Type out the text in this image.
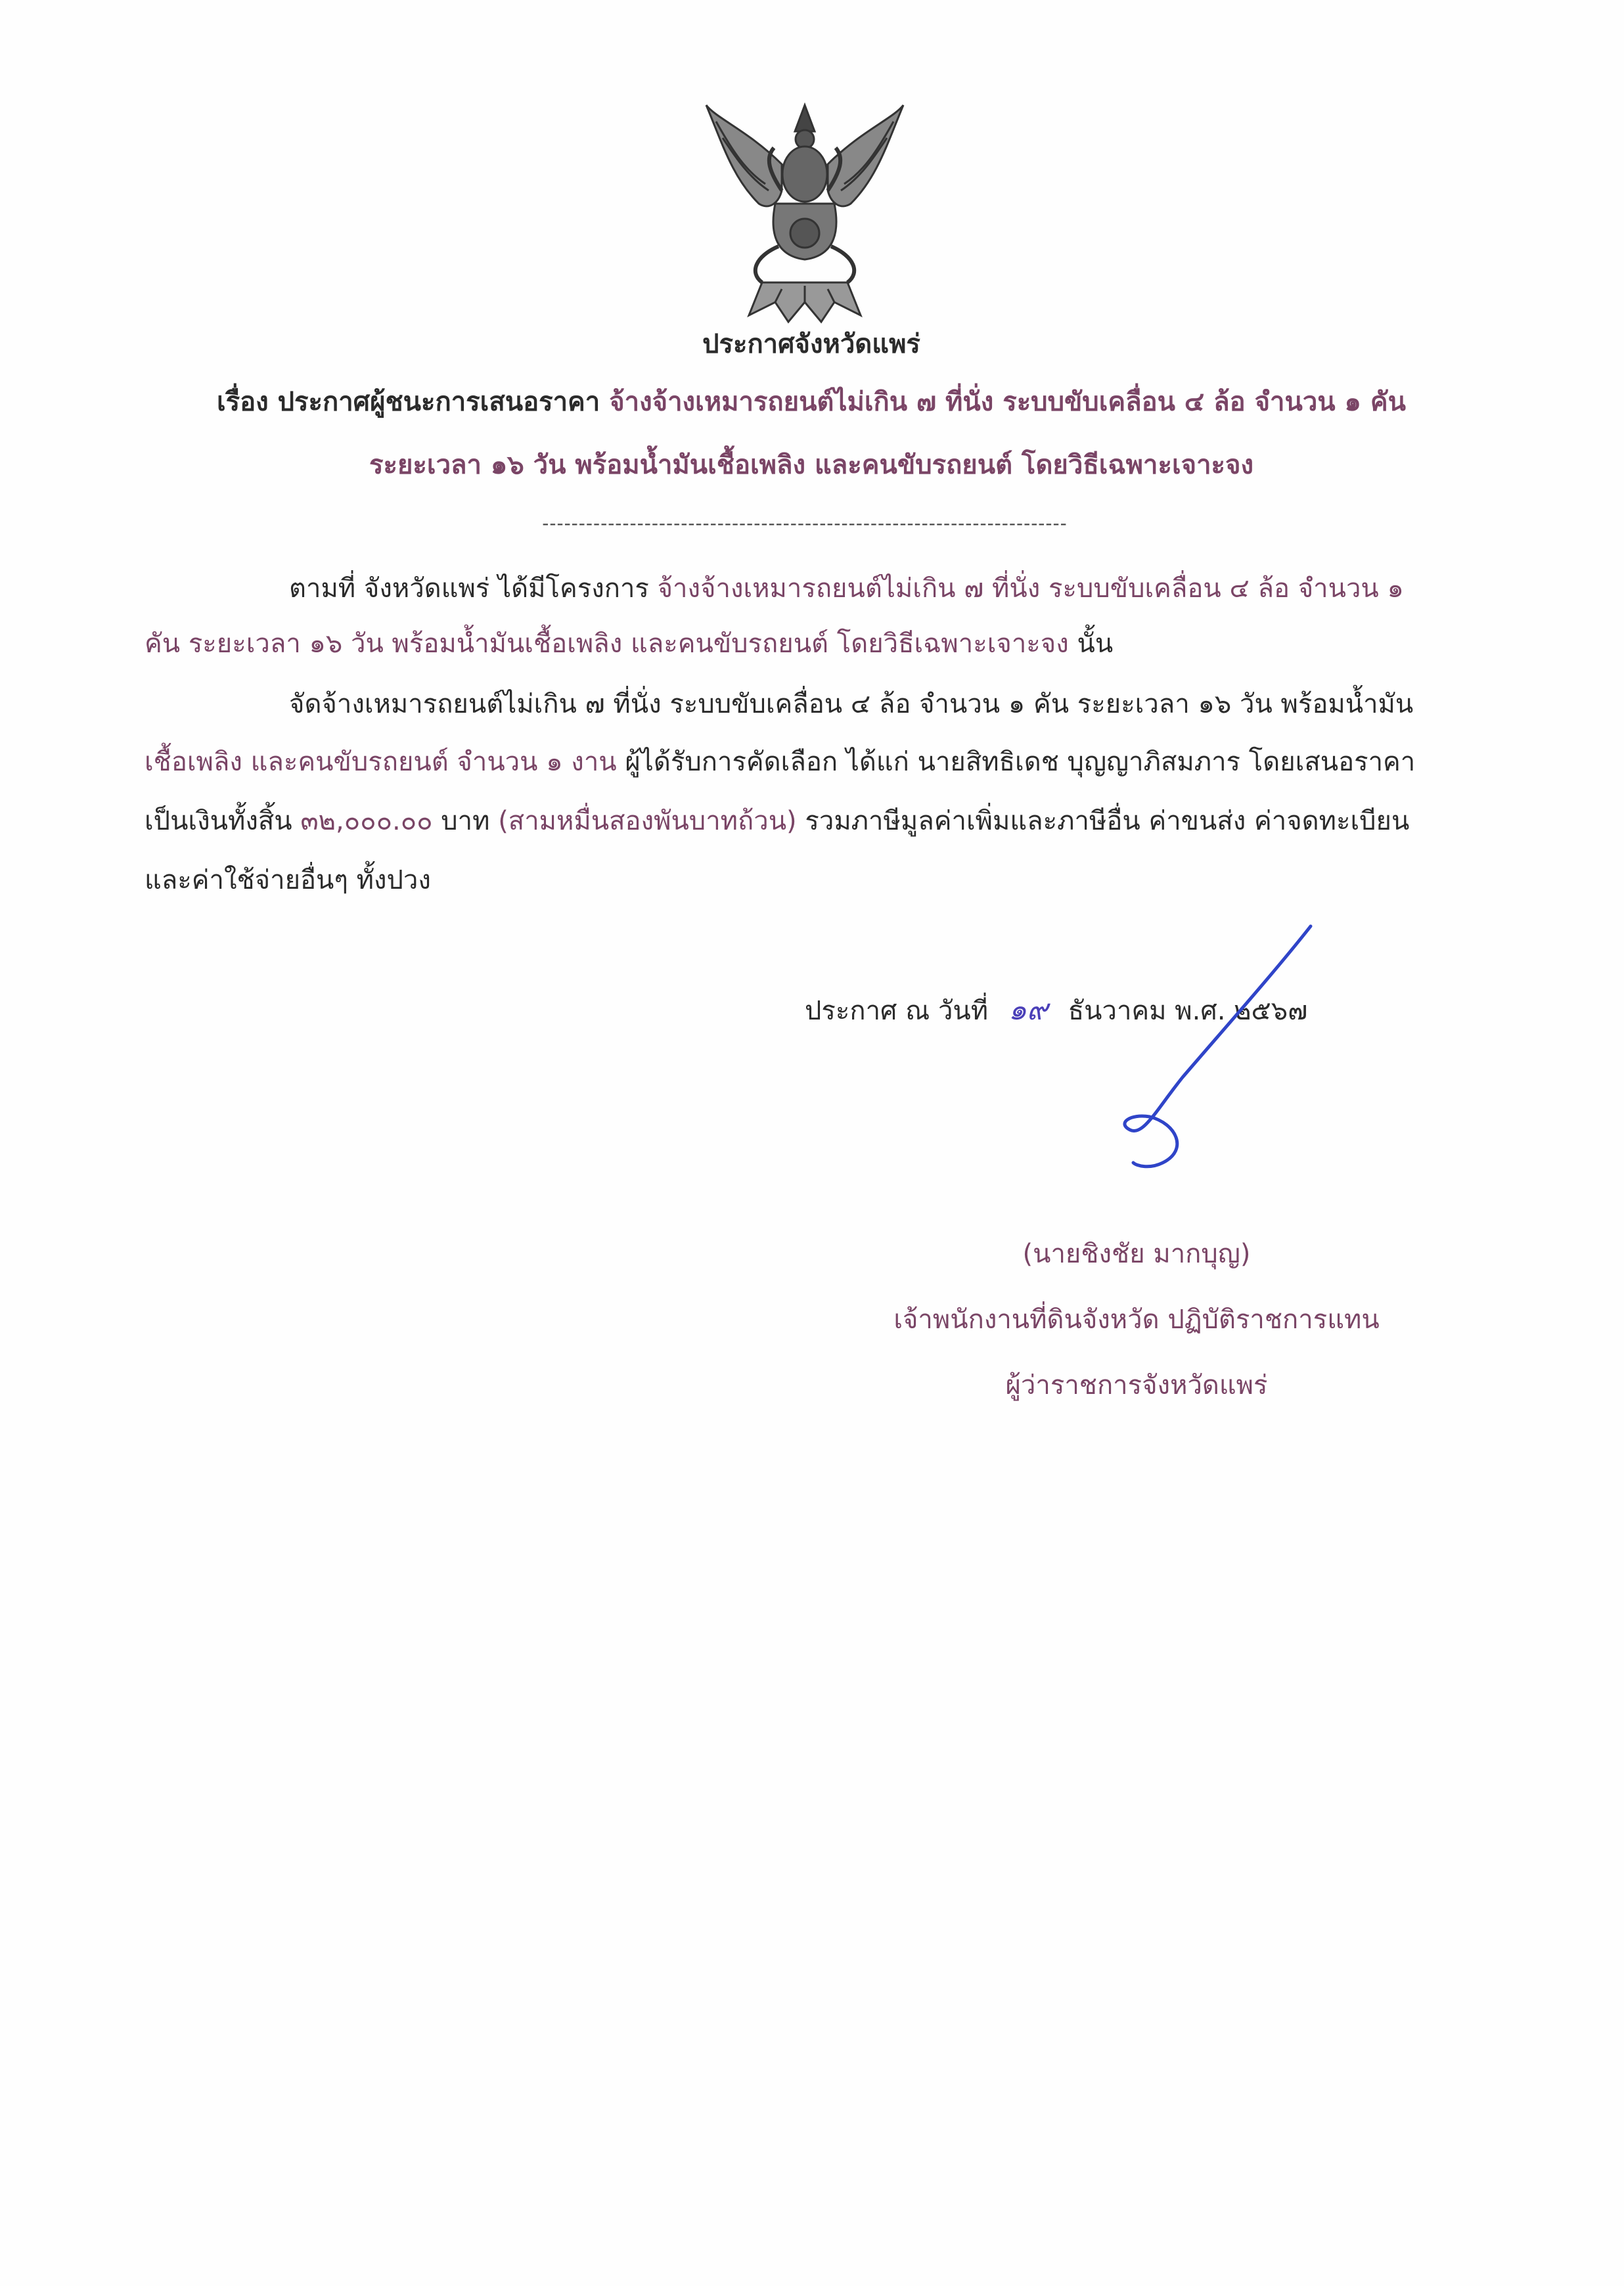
ประกาศจังหวัดแพร่
เรื่อง ประกาศผู้ชนะการเสนอราคา จ้างจ้างเหมารถยนต์ไม่เกิน ๗ ที่นั่ง ระบบขับเคลื่อน ๔ ล้อ จำนวน ๑ คัน
ระยะเวลา ๑๖ วัน พร้อมน้ำมันเชื้อเพลิง และคนขับรถยนต์ โดยวิธีเฉพาะเจาะจง
------------------------------------------------------------------------
ตามที่ จังหวัดแพร่ ได้มีโครงการ จ้างจ้างเหมารถยนต์ไม่เกิน ๗ ที่นั่ง ระบบขับเคลื่อน ๔ ล้อ จำนวน ๑
คัน ระยะเวลา ๑๖ วัน พร้อมน้ำมันเชื้อเพลิง และคนขับรถยนต์ โดยวิธีเฉพาะเจาะจง นั้น
จัดจ้างเหมารถยนต์ไม่เกิน ๗ ที่นั่ง ระบบขับเคลื่อน ๔ ล้อ จำนวน ๑ คัน ระยะเวลา ๑๖ วัน พร้อมน้ำมัน
เชื้อเพลิง และคนขับรถยนต์ จำนวน ๑ งาน ผู้ได้รับการคัดเลือก ได้แก่ นายสิทธิเดช บุญญาภิสมภาร โดยเสนอราคา
เป็นเงินทั้งสิ้น ๓๒,๐๐๐.๐๐ บาท (สามหมื่นสองพันบาทถ้วน) รวมภาษีมูลค่าเพิ่มและภาษีอื่น ค่าขนส่ง ค่าจดทะเบียน
และค่าใช้จ่ายอื่นๆ ทั้งปวง
ประกาศ ณ วันที่ ๑๙ ธันวาคม พ.ศ. ๒๕๖๗
(นายชิงชัย มากบุญ)
เจ้าพนักงานที่ดินจังหวัด ปฏิบัติราชการแทน
ผู้ว่าราชการจังหวัดแพร่
